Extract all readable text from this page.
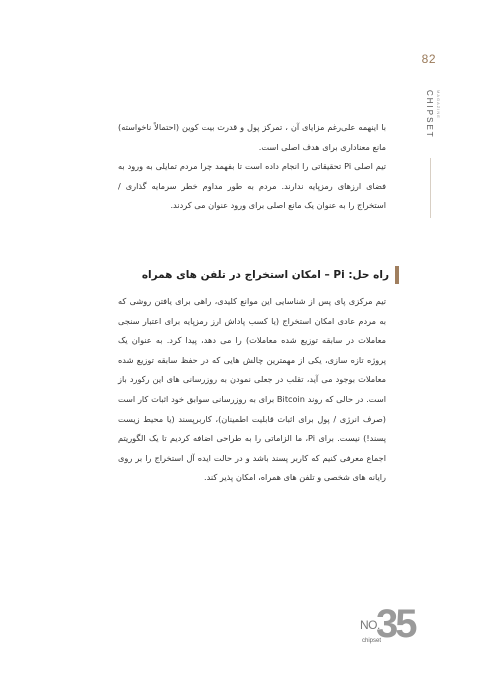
82
CHIPSET MAGAZINE

با اینهمه علی‌رغم مزایای آن ، تمرکز پول و قدرت بیت کوین (احتمالاً ناخواسته) مانع معناداری برای هدف اصلی است.

تیم اصلی Pi تحقیقاتی را انجام داده است تا بفهمد چرا مردم تمایلی به ورود به فضای ارزهای رمزپایه ندارند. مردم به طور مداوم خطر سرمایه گذاری / استخراج را به عنوان یک مانع اصلی برای ورود عنوان می کردند.

راه حل: Pi – امکان استخراج در تلفن های همراه

تیم مرکزی پای پس از شناسایی این موانع کلیدی، راهی برای یافتن روشی که به مردم عادی امکان استخراج (یا کسب پاداش ارز رمزپایه برای اعتبار سنجی معاملات در سابقه توزیع شده معاملات) را می دهد، پیدا کرد. به عنوان یک پروژه تازه سازی، یکی از مهمترین چالش هایی که در حفظ سابقه توزیع شده معاملات بوجود می آید، تقلب در جعلی نمودن به روزرسانی های این رکورد باز است. در حالی که روند Bitcoin برای به روزرسانی سوابق خود اثبات کار است (صرف انرژی / پول برای اثبات قابلیت اطمینان)، کاربرپسند (یا محیط زیست پسند!) نیست. برای Pi، ما الزاماتی را به طراحی اضافه کردیم تا یک الگوریتم اجماع معرفی کنیم که کاربر پسند باشد و در حالت ایده آل استخراج را بر روی رایانه های شخصی و تلفن های همراه، امکان پذیر کند.

NO.
35
chipset
